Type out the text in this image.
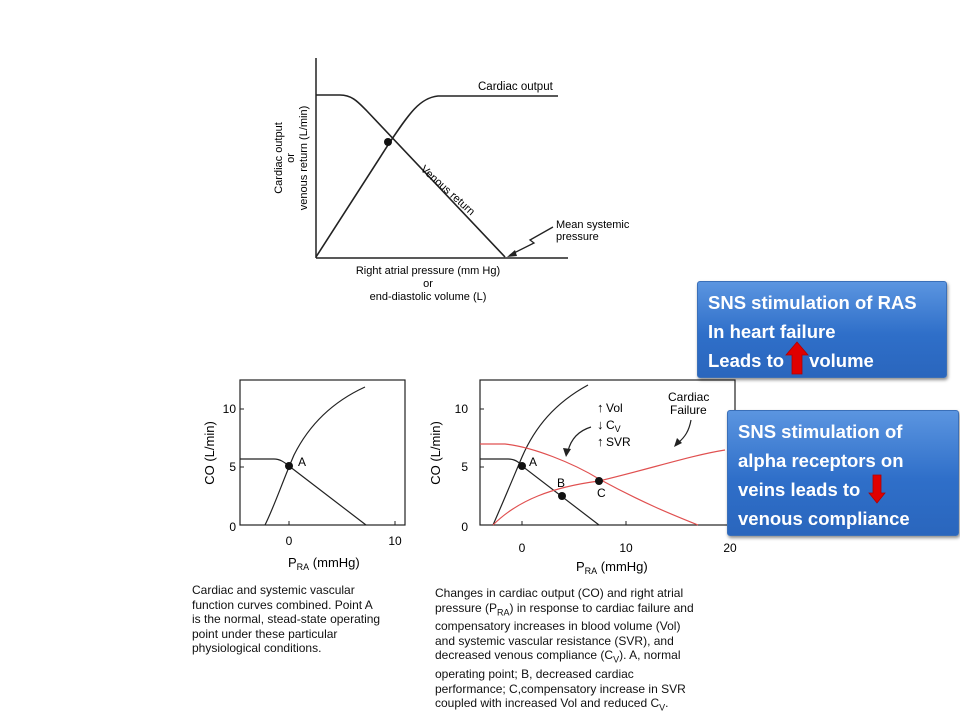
Cardiac output or venous return (L/min)
Cardiac output
Venous return
Mean systemic
pressure
Right atrial pressure (mm Hg)
or
end-diastolic volume (L)
CO (L/min)
10
5
0
A
0	10
$P_{RA}$ (mmHg)
Cardiac and systemic vascular
function curves combined. Point A
is the normal, stead-state operating
point under these particular
physiological conditions.
CO (L/min)
10
5
0
A
B
C
↑ Vol
↓ $C_V$
↑ SVR
Cardiac
Failure
0	10	20
$P_{RA}$ (mmHg)
Changes in cardiac output (CO) and right atrial
pressure $(P_{RA})$ in response to cardiac failure and
compensatory increases in blood volume (Vol)
and systemic vascular resistance (SVR), and
decreased venous compliance $(C_V)$. A, normal
operating point; B, decreased cardiac
performance; C,compensatory increase in SVR
coupled with increased Vol and reduced $C_V$.
SNS stimulation of RAS
In heart failure
Leads to volume
SNS stimulation of
alpha receptors on
veins leads to
venous compliance
